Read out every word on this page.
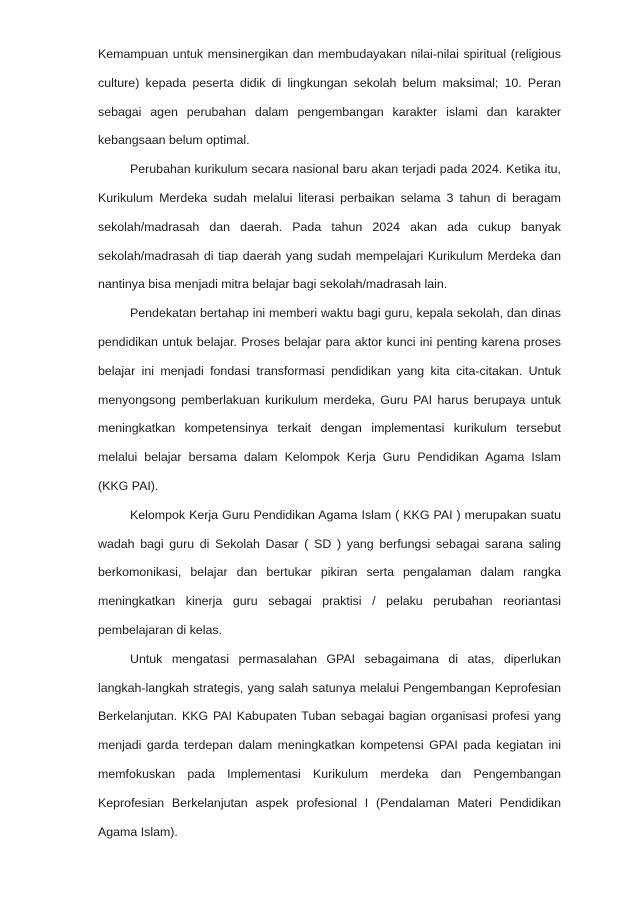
Kemampuan untuk mensinergikan dan membudayakan nilai-nilai spiritual (religious culture) kepada peserta didik di lingkungan sekolah belum maksimal; 10. Peran sebagai agen perubahan dalam pengembangan karakter islami dan karakter kebangsaan belum optimal.

Perubahan kurikulum secara nasional baru akan terjadi pada 2024. Ketika itu, Kurikulum Merdeka sudah melalui literasi perbaikan selama 3 tahun di beragam sekolah/madrasah dan daerah. Pada tahun 2024 akan ada cukup banyak sekolah/madrasah di tiap daerah yang sudah mempelajari Kurikulum Merdeka dan nantinya bisa menjadi mitra belajar bagi sekolah/madrasah lain.

Pendekatan bertahap ini memberi waktu bagi guru, kepala sekolah, dan dinas pendidikan untuk belajar. Proses belajar para aktor kunci ini penting karena proses belajar ini menjadi fondasi transformasi pendidikan yang kita cita-citakan. Untuk menyongsong pemberlakuan kurikulum merdeka, Guru PAI harus berupaya untuk meningkatkan kompetensinya terkait dengan implementasi kurikulum tersebut melalui belajar bersama dalam Kelompok Kerja Guru Pendidikan Agama Islam (KKG PAI).

Kelompok Kerja Guru Pendidikan Agama Islam ( KKG PAI ) merupakan suatu wadah bagi guru di Sekolah Dasar ( SD ) yang berfungsi sebagai sarana saling berkomonikasi, belajar dan bertukar pikiran serta pengalaman dalam rangka meningkatkan kinerja guru sebagai praktisi / pelaku perubahan reoriantasi pembelajaran di kelas.

Untuk mengatasi permasalahan GPAI sebagaimana di atas, diperlukan langkah-langkah strategis, yang salah satunya melalui Pengembangan Keprofesian Berkelanjutan. KKG PAI Kabupaten Tuban sebagai bagian organisasi profesi yang menjadi garda terdepan dalam meningkatkan kompetensi GPAI pada kegiatan ini memfokuskan pada Implementasi Kurikulum merdeka dan Pengembangan Keprofesian Berkelanjutan aspek profesional I (Pendalaman Materi Pendidikan Agama Islam).
